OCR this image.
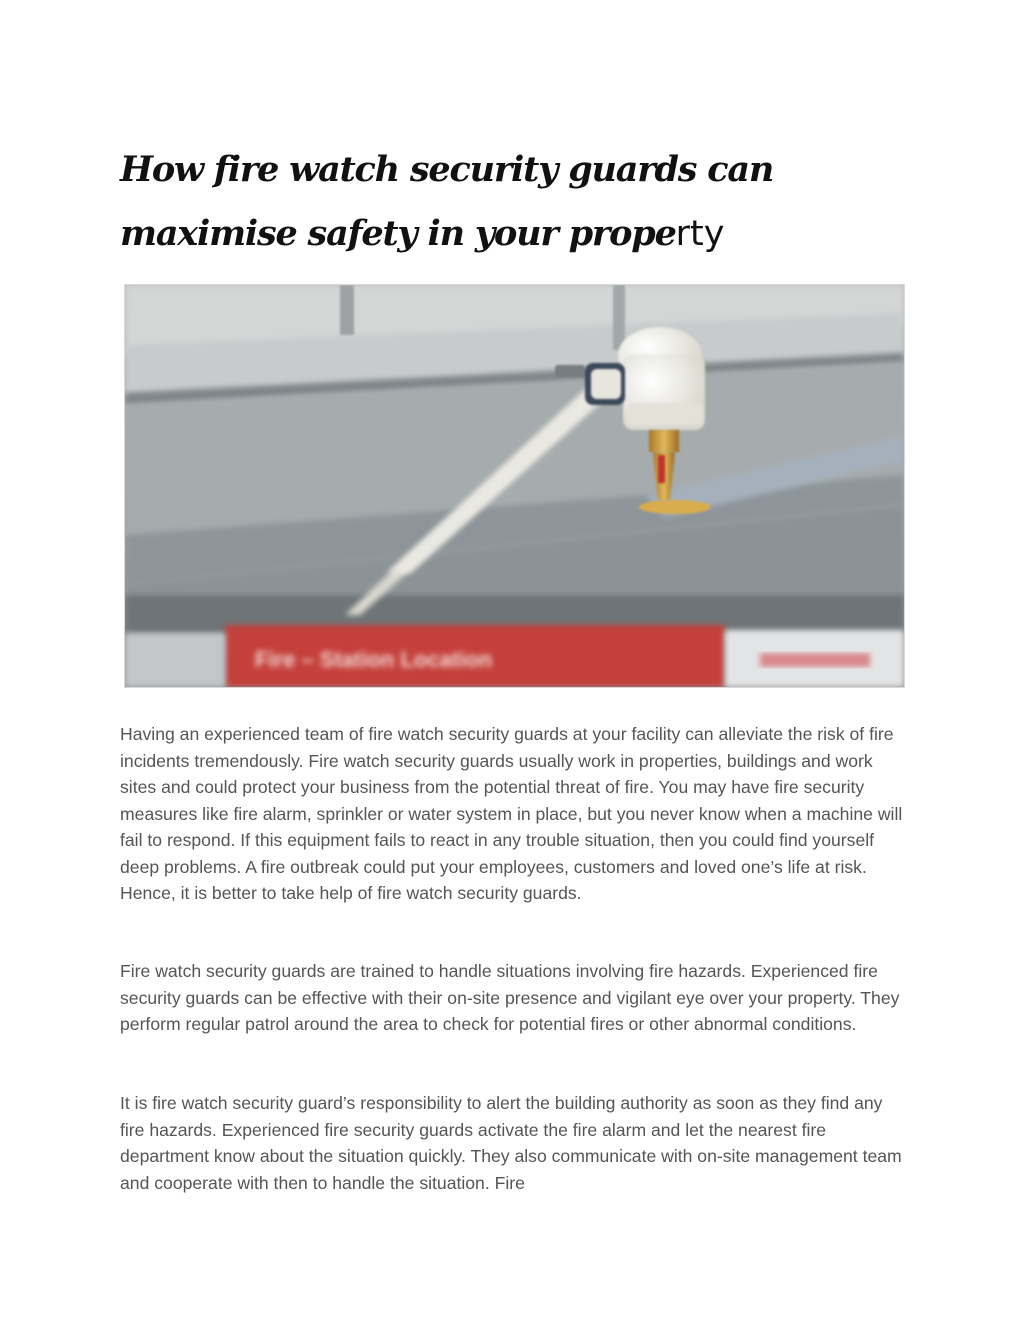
How fire watch security guards can maximise safety in your property
Fire – Station Location

Having an experienced team of fire watch security guards at your facility can alleviate the risk of fire incidents tremendously. Fire watch security guards usually work in properties, buildings and work sites and could protect your business from the potential threat of fire. You may have fire security measures like fire alarm, sprinkler or water system in place, but you never know when a machine will fail to respond. If this equipment fails to react in any trouble situation, then you could find yourself deep problems. A fire outbreak could put your employees, customers and loved one’s life at risk. Hence, it is better to take help of fire watch security guards.

Fire watch security guards are trained to handle situations involving fire hazards. Experienced fire security guards can be effective with their on-site presence and vigilant eye over your property. They perform regular patrol around the area to check for potential fires or other abnormal conditions.

It is fire watch security guard’s responsibility to alert the building authority as soon as they find any fire hazards. Experienced fire security guards activate the fire alarm and let the nearest fire department know about the situation quickly. They also communicate with on-site management team and cooperate with then to handle the situation. Fire
